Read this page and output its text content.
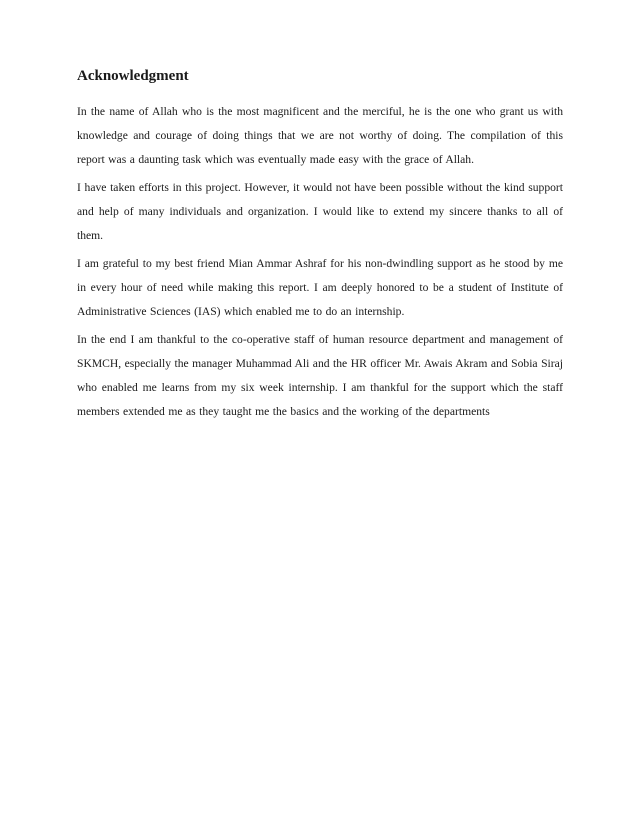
Acknowledgment

In the name of Allah who is the most magnificent and the merciful, he is the one who grant us with knowledge and courage of doing things that we are not worthy of doing. The compilation of this report was a daunting task which was eventually made easy with the grace of Allah.

I have taken efforts in this project. However, it would not have been possible without the kind support and help of many individuals and organization. I would like to extend my sincere thanks to all of them.

I am grateful to my best friend Mian Ammar Ashraf for his non-dwindling support as he stood by me in every hour of need while making this report. I am deeply honored to be a student of Institute of Administrative Sciences (IAS) which enabled me to do an internship.

In the end I am thankful to the co-operative staff of human resource department and management of SKMCH, especially the manager Muhammad Ali and the HR officer Mr. Awais Akram and Sobia Siraj who enabled me learns from my six week internship. I am thankful for the support which the staff members extended me as they taught me the basics and the working of the departments
